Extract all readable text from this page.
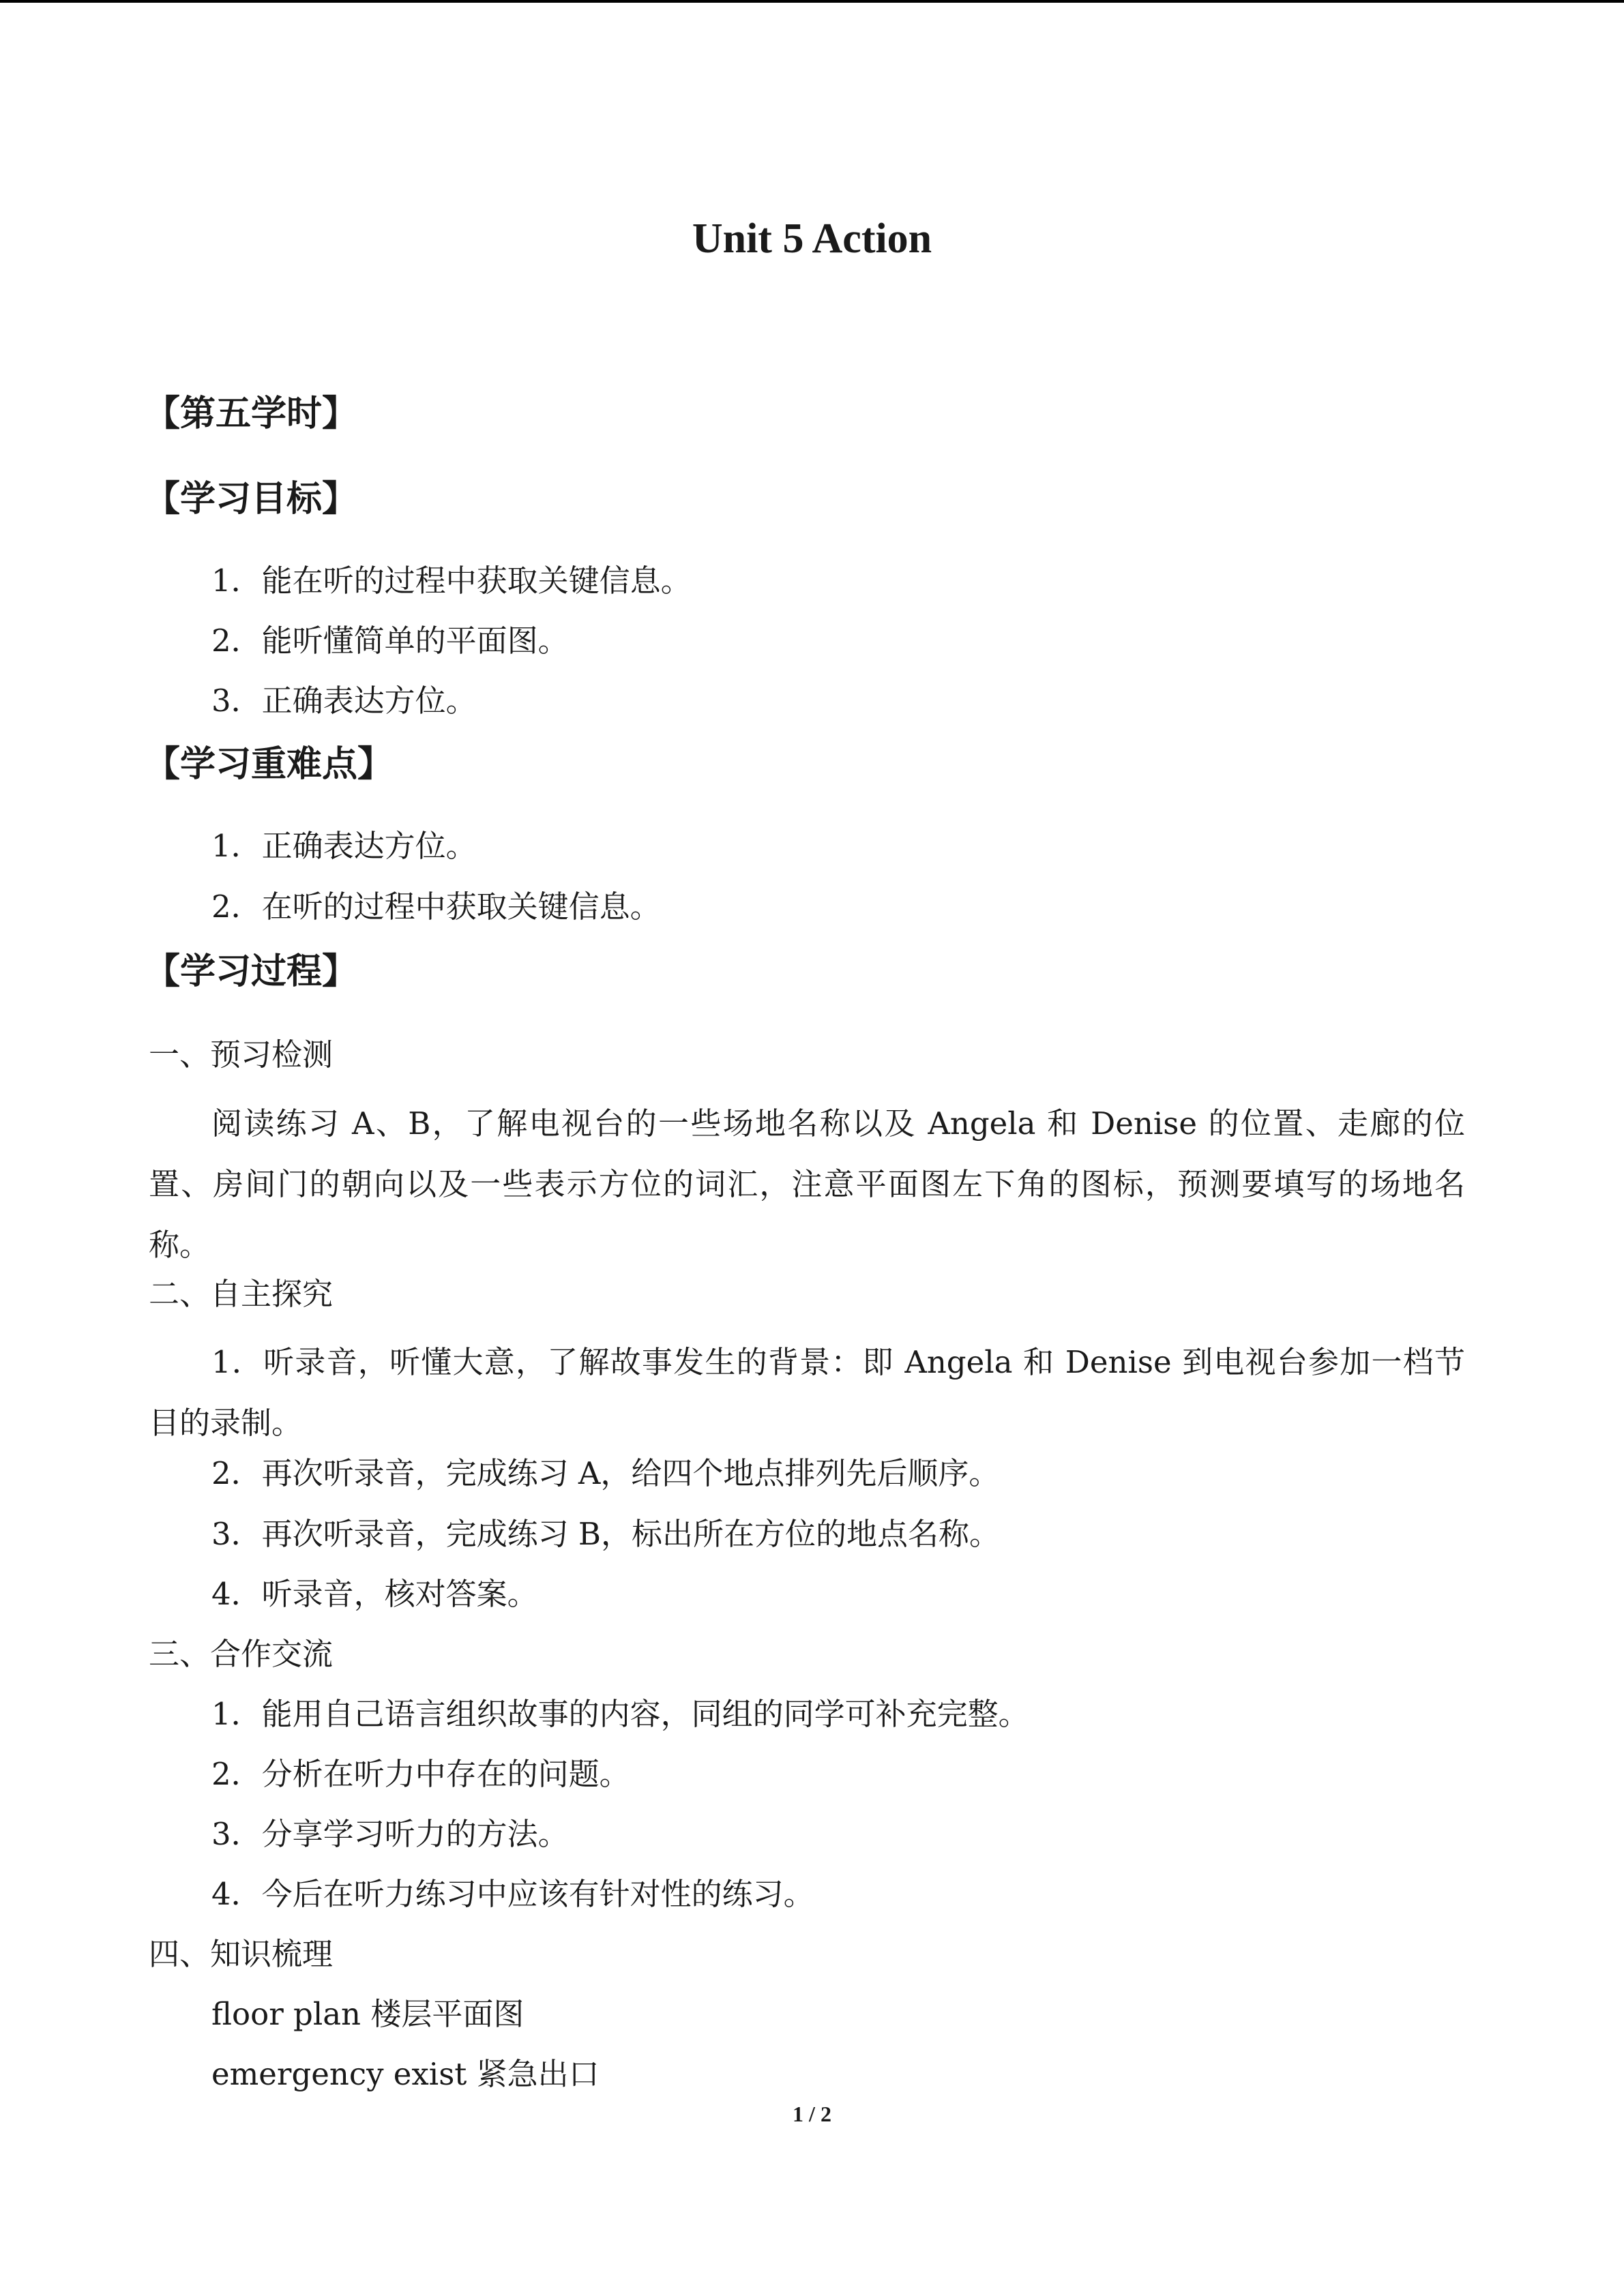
Unit 5 Action
【第五学时】
【学习目标】
1．能在听的过程中获取关键信息。
2．能听懂简单的平面图。
3．正确表达方位。
【学习重难点】
1．正确表达方位。
2．在听的过程中获取关键信息。
【学习过程】
一、预习检测
阅读练习 A、B，了解电视台的一些场地名称以及 Angela 和 Denise 的位置、走廊的位置、房间门的朝向以及一些表示方位的词汇，注意平面图左下角的图标，预测要填写的场地名称。
二、自主探究
1．听录音，听懂大意，了解故事发生的背景：即 Angela 和 Denise 到电视台参加一档节目的录制。
2．再次听录音，完成练习 A，给四个地点排列先后顺序。
3．再次听录音，完成练习 B，标出所在方位的地点名称。
4．听录音，核对答案。
三、合作交流
1．能用自己语言组织故事的内容，同组的同学可补充完整。
2．分析在听力中存在的问题。
3．分享学习听力的方法。
4．今后在听力练习中应该有针对性的练习。
四、知识梳理
floor plan 楼层平面图
emergency exist 紧急出口
1 / 2
